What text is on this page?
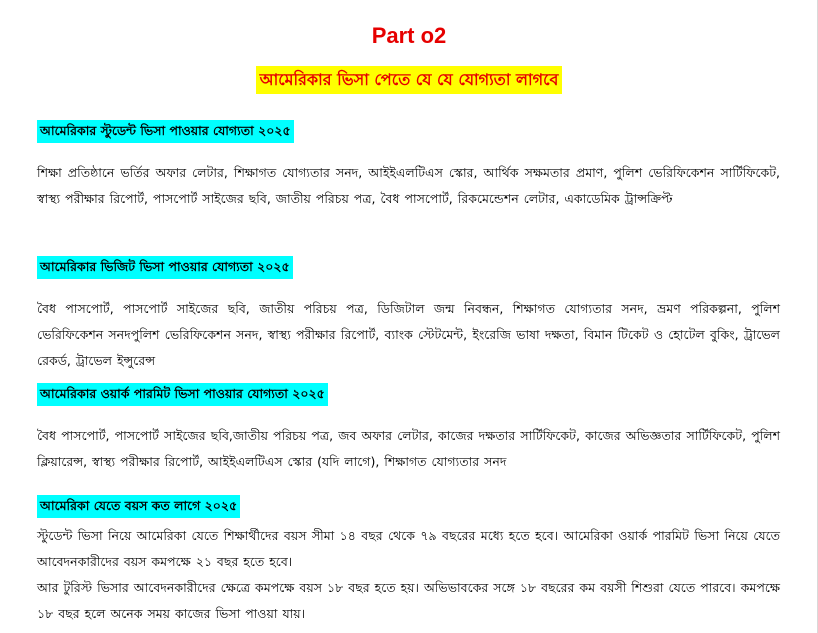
Part o2
আমেরিকার ভিসা পেতে যে যে যোগ্যতা লাগবে
আমেরিকার স্টুডেন্ট ভিসা পাওয়ার যোগ্যতা ২০২৫

শিক্ষা প্রতিষ্ঠানে ভর্তির অফার লেটার, শিক্ষাগত যোগ্যতার সনদ, আইইএলটিএস স্কোর, আর্থিক সক্ষমতার প্রমাণ, পুলিশ ভেরিফিকেশন সার্টিফিকেট, স্বাস্থ্য পরীক্ষার রিপোর্ট, পাসপোর্ট সাইজের ছবি, জাতীয় পরিচয় পত্র, বৈধ পাসপোর্ট, রিকমেন্ডেশন লেটার, একাডেমিক ট্রান্সক্রিপ্ট

আমেরিকার ভিজিট ভিসা পাওয়ার যোগ্যতা ২০২৫

বৈধ পাসপোর্ট, পাসপোর্ট সাইজের ছবি, জাতীয় পরিচয় পত্র, ডিজিটাল জন্ম নিবন্ধন, শিক্ষাগত যোগ্যতার সনদ, ভ্রমণ পরিকল্পনা, পুলিশ ভেরিফিকেশন সনদপুলিশ ভেরিফিকেশন সনদ, স্বাস্থ্য পরীক্ষার রিপোর্ট, ব্যাংক স্টেটমেন্ট, ইংরেজি ভাষা দক্ষতা, বিমান টিকেট ও হোটেল বুকিং, ট্রাভেল রেকর্ড, ট্রাভেল ইন্সুরেন্স

আমেরিকার ওয়ার্ক পারমিট ভিসা পাওয়ার যোগ্যতা ২০২৫

বৈধ পাসপোর্ট, পাসপোর্ট সাইজের ছবি,জাতীয় পরিচয় পত্র, জব অফার লেটার, কাজের দক্ষতার সার্টিফিকেট, কাজের অভিজ্ঞতার সার্টিফিকেট, পুলিশ ক্লিয়ারেন্স, স্বাস্থ্য পরীক্ষার রিপোর্ট, আইইএলটিএস স্কোর (যদি লাগে), শিক্ষাগত যোগ্যতার সনদ

আমেরিকা যেতে বয়স কত লাগে ২০২৫

স্টুডেন্ট ভিসা নিয়ে আমেরিকা যেতে শিক্ষার্থীদের বয়স সীমা ১৪ বছর থেকে ৭৯ বছরের মধ্যে হতে হবে। আমেরিকা ওয়ার্ক পারমিট ভিসা নিয়ে যেতে আবেদনকারীদের বয়স কমপক্ষে ২১ বছর হতে হবে।

আর টুরিস্ট ভিসার আবেদনকারীদের ক্ষেত্রে কমপক্ষে বয়স ১৮ বছর হতে হয়। অভিভাবকের সঙ্গে ১৮ বছরের কম বয়সী শিশুরা যেতে পারবে। কমপক্ষে ১৮ বছর হলে অনেক সময় কাজের ভিসা পাওয়া যায়।
